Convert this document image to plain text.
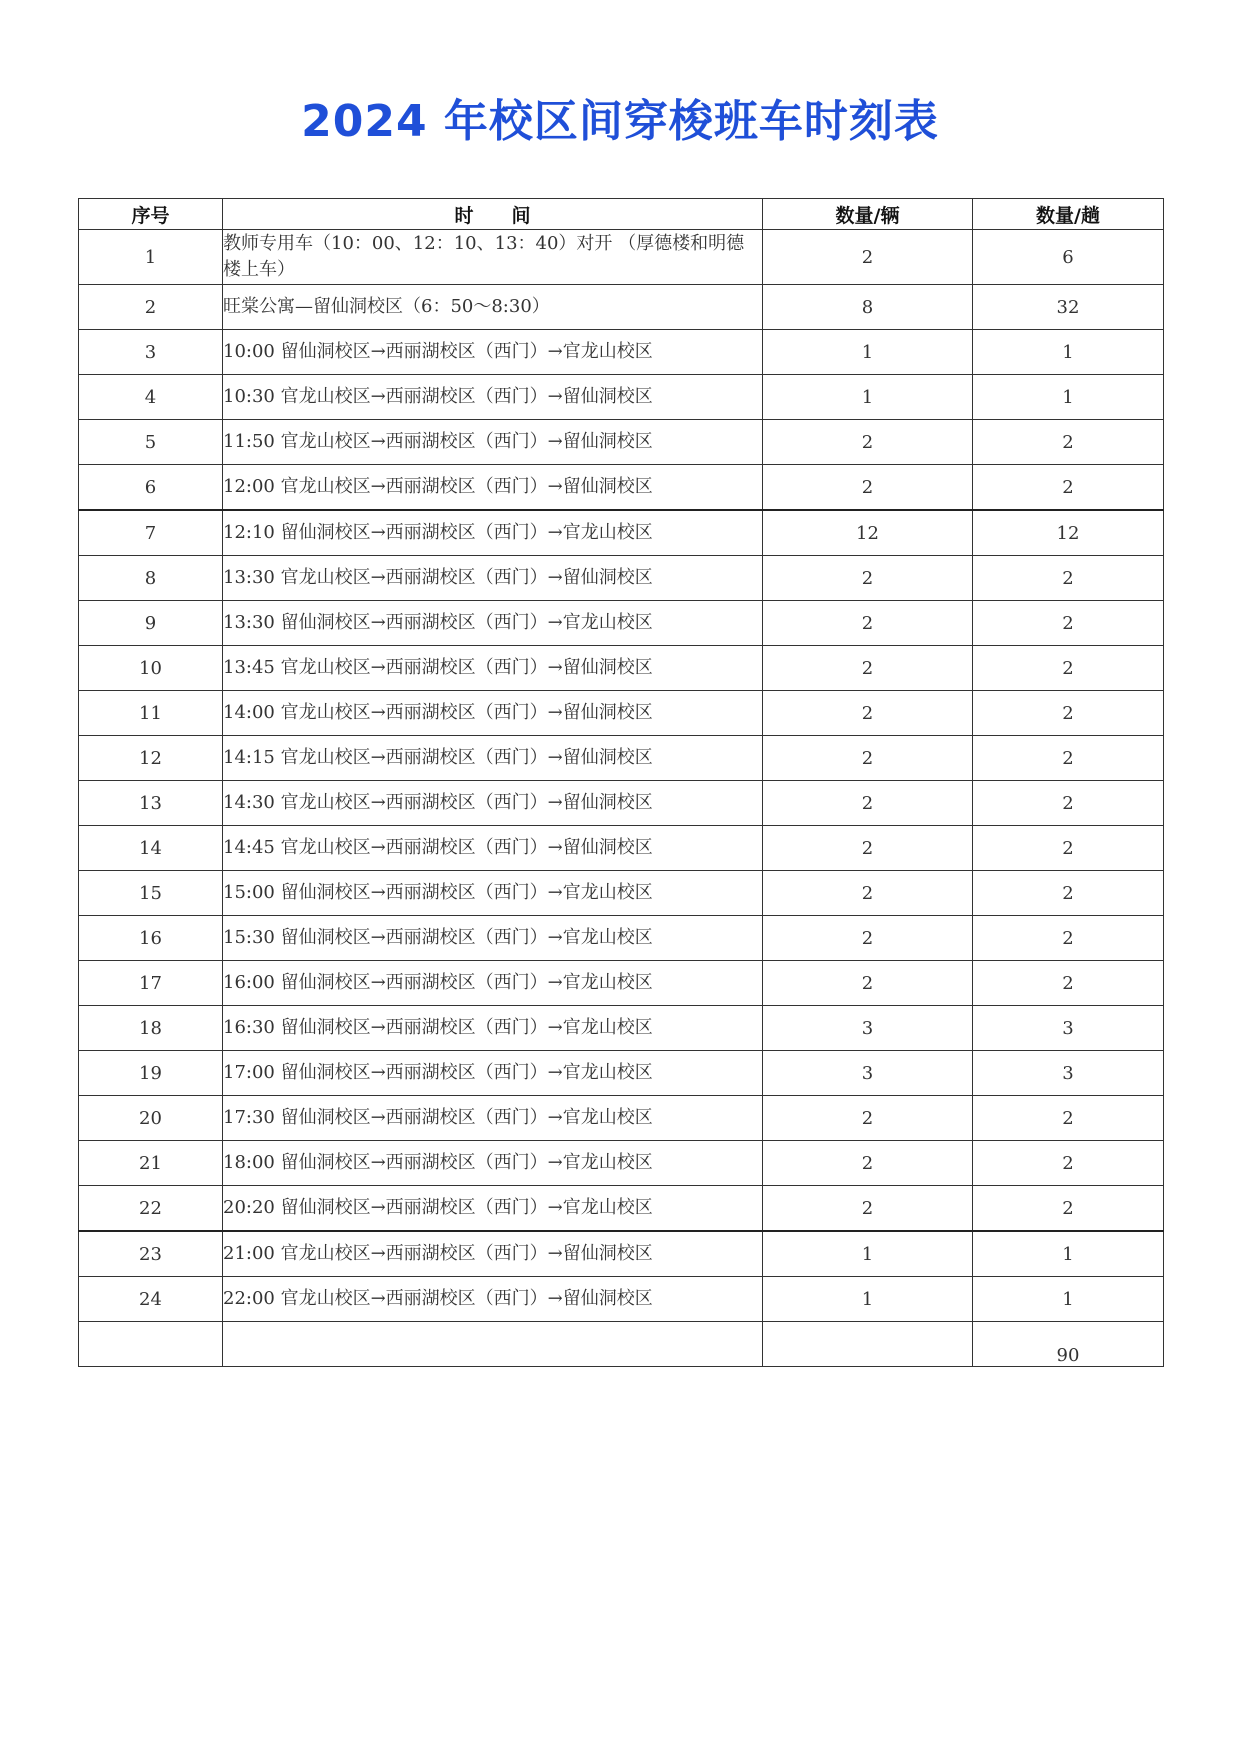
2024 年校区间穿梭班车时刻表
序号	时　　间	数量/辆	数量/趟
1	教师专用车（10：00、12：10、13：40）对开 （厚德楼和明德楼上车）	2	6
2	旺棠公寓—留仙洞校区（6：50～8:30）	8	32
3	10:00 留仙洞校区→西丽湖校区（西门）→官龙山校区	1	1
4	10:30 官龙山校区→西丽湖校区（西门）→留仙洞校区	1	1
5	11:50 官龙山校区→西丽湖校区（西门）→留仙洞校区	2	2
6	12:00 官龙山校区→西丽湖校区（西门）→留仙洞校区	2	2
7	12:10 留仙洞校区→西丽湖校区（西门）→官龙山校区	12	12
8	13:30 官龙山校区→西丽湖校区（西门）→留仙洞校区	2	2
9	13:30 留仙洞校区→西丽湖校区（西门）→官龙山校区	2	2
10	13:45 官龙山校区→西丽湖校区（西门）→留仙洞校区	2	2
11	14:00 官龙山校区→西丽湖校区（西门）→留仙洞校区	2	2
12	14:15 官龙山校区→西丽湖校区（西门）→留仙洞校区	2	2
13	14:30 官龙山校区→西丽湖校区（西门）→留仙洞校区	2	2
14	14:45 官龙山校区→西丽湖校区（西门）→留仙洞校区	2	2
15	15:00 留仙洞校区→西丽湖校区（西门）→官龙山校区	2	2
16	15:30 留仙洞校区→西丽湖校区（西门）→官龙山校区	2	2
17	16:00 留仙洞校区→西丽湖校区（西门）→官龙山校区	2	2
18	16:30 留仙洞校区→西丽湖校区（西门）→官龙山校区	3	3
19	17:00 留仙洞校区→西丽湖校区（西门）→官龙山校区	3	3
20	17:30 留仙洞校区→西丽湖校区（西门）→官龙山校区	2	2
21	18:00 留仙洞校区→西丽湖校区（西门）→官龙山校区	2	2
22	20:20 留仙洞校区→西丽湖校区（西门）→官龙山校区	2	2
23	21:00 官龙山校区→西丽湖校区（西门）→留仙洞校区	1	1
24	22:00 官龙山校区→西丽湖校区（西门）→留仙洞校区	1	1
			90
